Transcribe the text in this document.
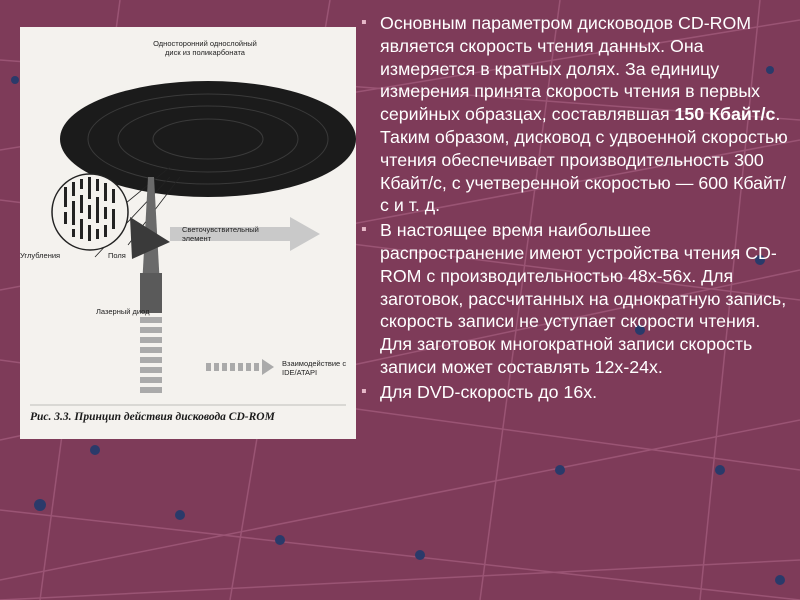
Односторонний однослойный диск из поликарбоната
Светочувствительный элемент
Углубления	Поля
Лазерный диод
Взаимодействие с IDE/ATAPI
Рис. 3.3. Принцип действия дисковода CD-ROM
▪ Основным параметром дисководов CD-ROM является скорость чтения данных. Она измеряется в кратных долях. За единицу измерения принята скорость чтения в первых серийных образцах, составлявшая 150 Кбайт/с. Таким образом, дисковод с удвоенной скоростью чтения обеспечивает производительность 300 Кбайт/с, с учетверенной скоростью — 600 Кбайт/с и т. д.
▪ В настоящее время наибольшее распространение имеют устройства чтения CD-ROM с производительностью 48х-56х. Для заготовок, рассчитанных на однократную запись, скорость записи не уступает скорости чтения. Для заготовок многократной записи скорость записи может составлять 12х-24х.
▪ Для DVD-скорость до 16х.
